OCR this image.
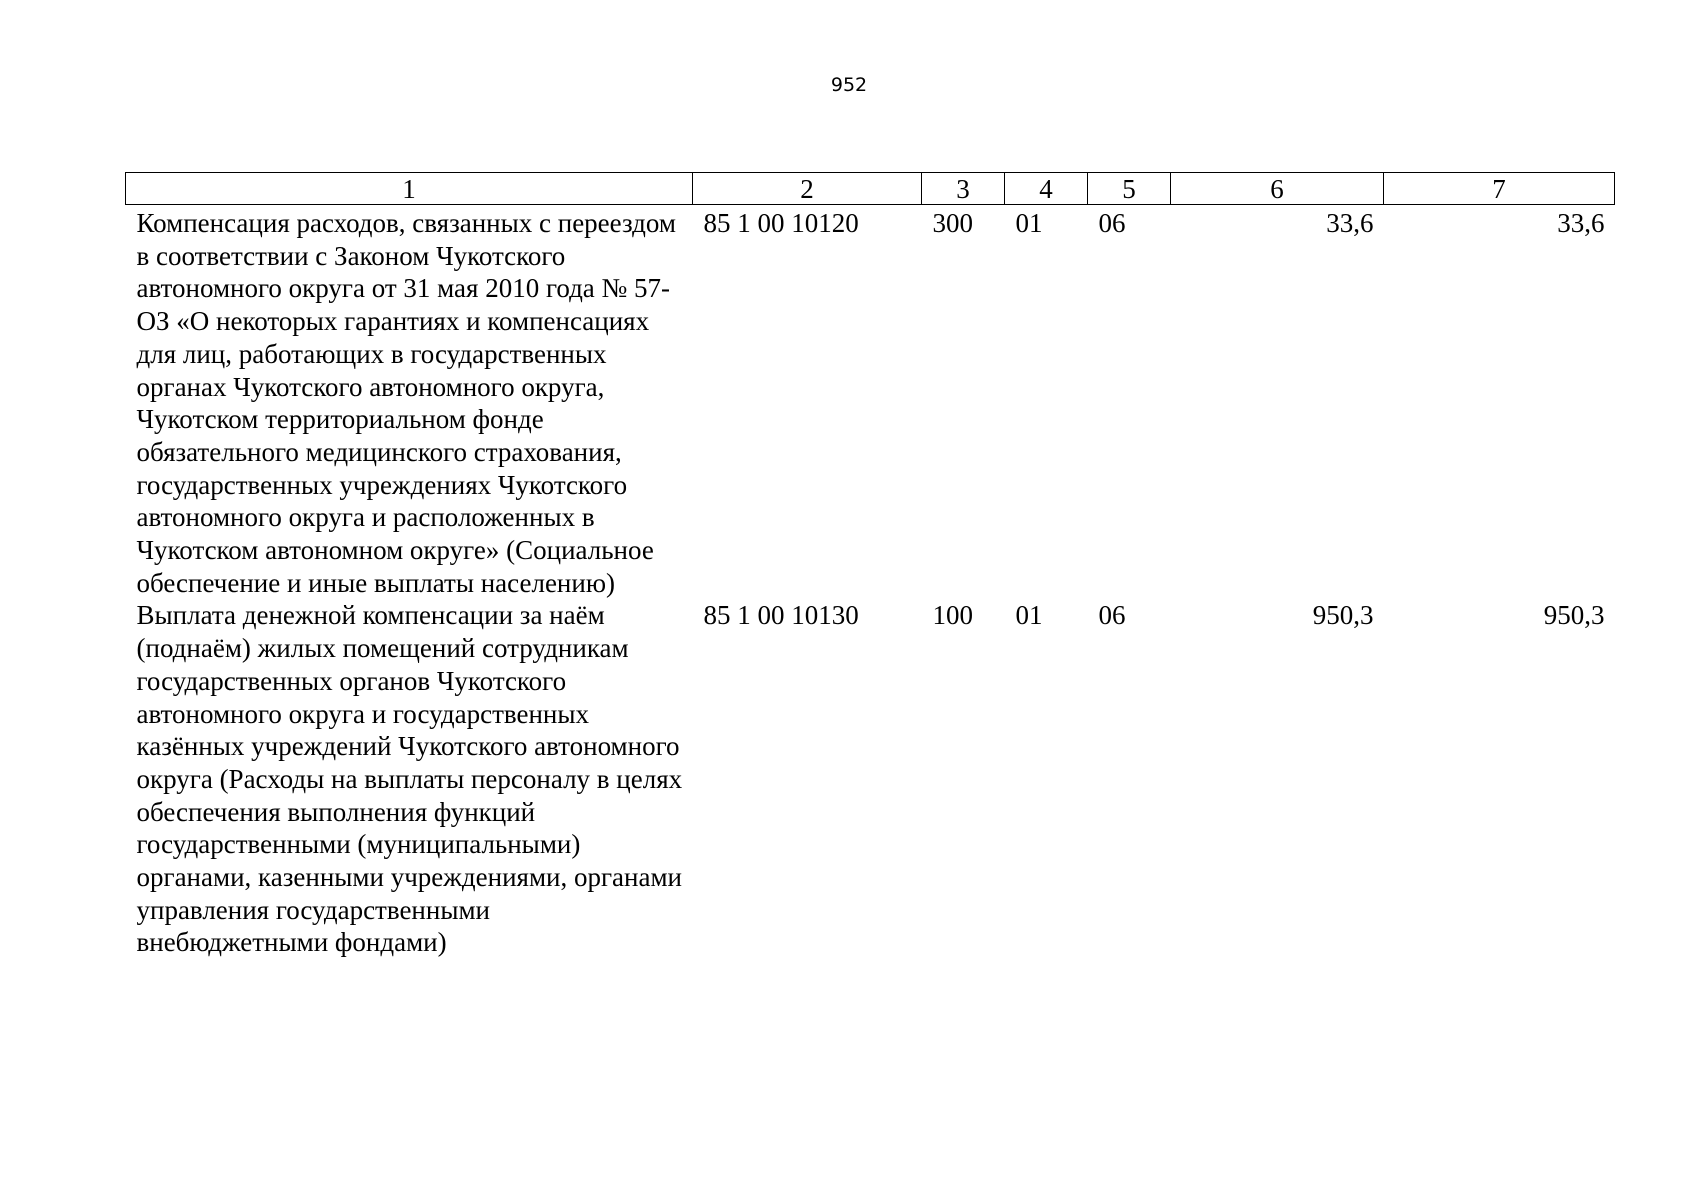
952
1	2	3	4	5	6	7
Компенсация расходов, связанных с переездом в соответствии с Законом Чукотского автономного округа от 31 мая 2010 года № 57-ОЗ «О некоторых гарантиях и компенсациях для лиц, работающих в государственных органах Чукотского автономного округа, Чукотском территориальном фонде обязательного медицинского страхования, государственных учреждениях Чукотского автономного округа и расположенных в Чукотском автономном округе» (Социальное обеспечение и иные выплаты населению)	85 1 00 10120	300	01	06	33,6	33,6
Выплата денежной компенсации за наём (поднаём) жилых помещений сотрудникам государственных органов Чукотского автономного округа и государственных казённых учреждений Чукотского автономного округа (Расходы на выплаты персоналу в целях обеспечения выполнения функций государственными (муниципальными) органами, казенными учреждениями, органами управления государственными внебюджетными фондами)	85 1 00 10130	100	01	06	950,3	950,3
